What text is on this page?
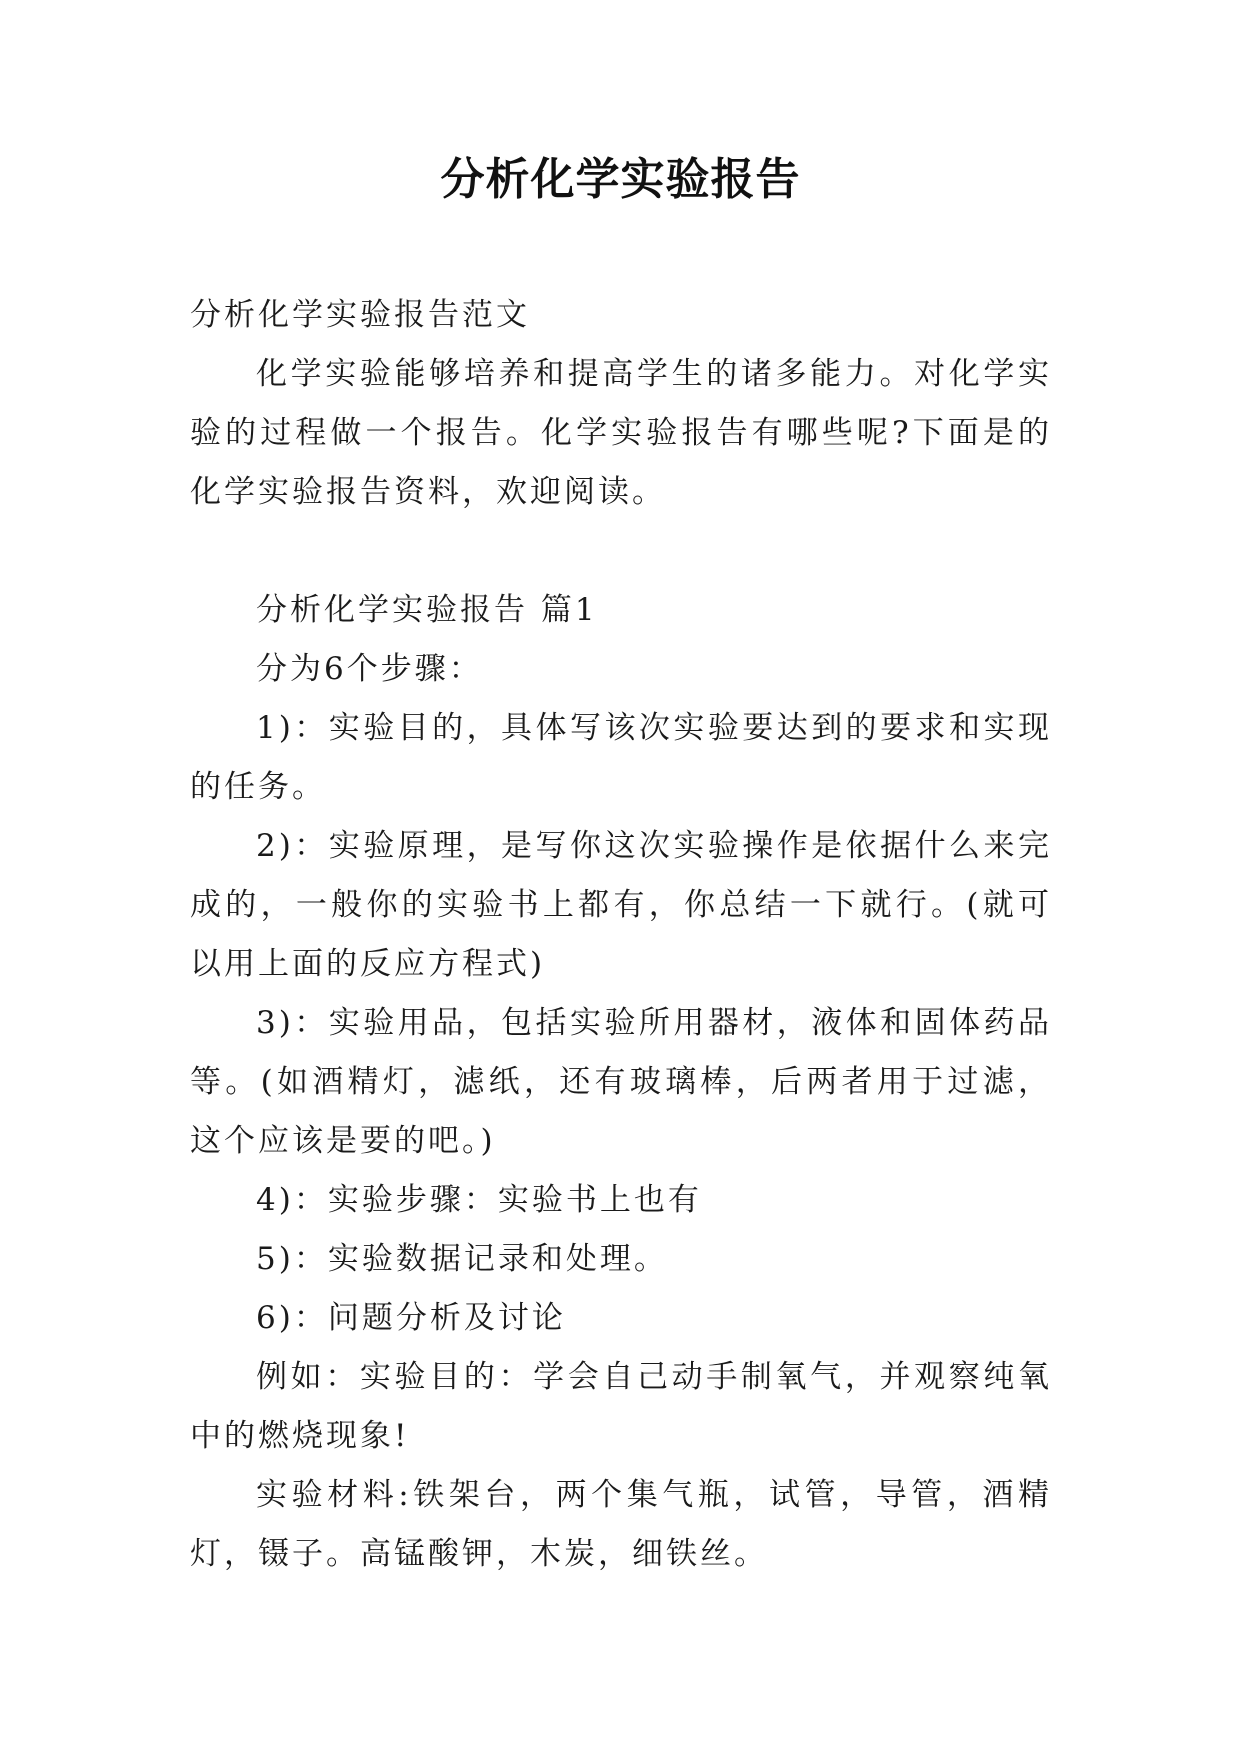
分析化学实验报告

分析化学实验报告范文

化学实验能够培养和提高学生的诸多能力。对化学实验的过程做一个报告。化学实验报告有哪些呢?下面是的化学实验报告资料，欢迎阅读。

分析化学实验报告 篇1

分为6个步骤：

1)：实验目的，具体写该次实验要达到的要求和实现的任务。

2)：实验原理，是写你这次实验操作是依据什么来完成的，一般你的实验书上都有，你总结一下就行。(就可以用上面的反应方程式)

3)：实验用品，包括实验所用器材，液体和固体药品等。(如酒精灯，滤纸，还有玻璃棒，后两者用于过滤，这个应该是要的吧。)

4)：实验步骤：实验书上也有

5)：实验数据记录和处理。

6)：问题分析及讨论

例如：实验目的：学会自己动手制氧气，并观察纯氧中的燃烧现象!

实验材料:铁架台，两个集气瓶，试管，导管，酒精灯，镊子。高锰酸钾，木炭，细铁丝。
